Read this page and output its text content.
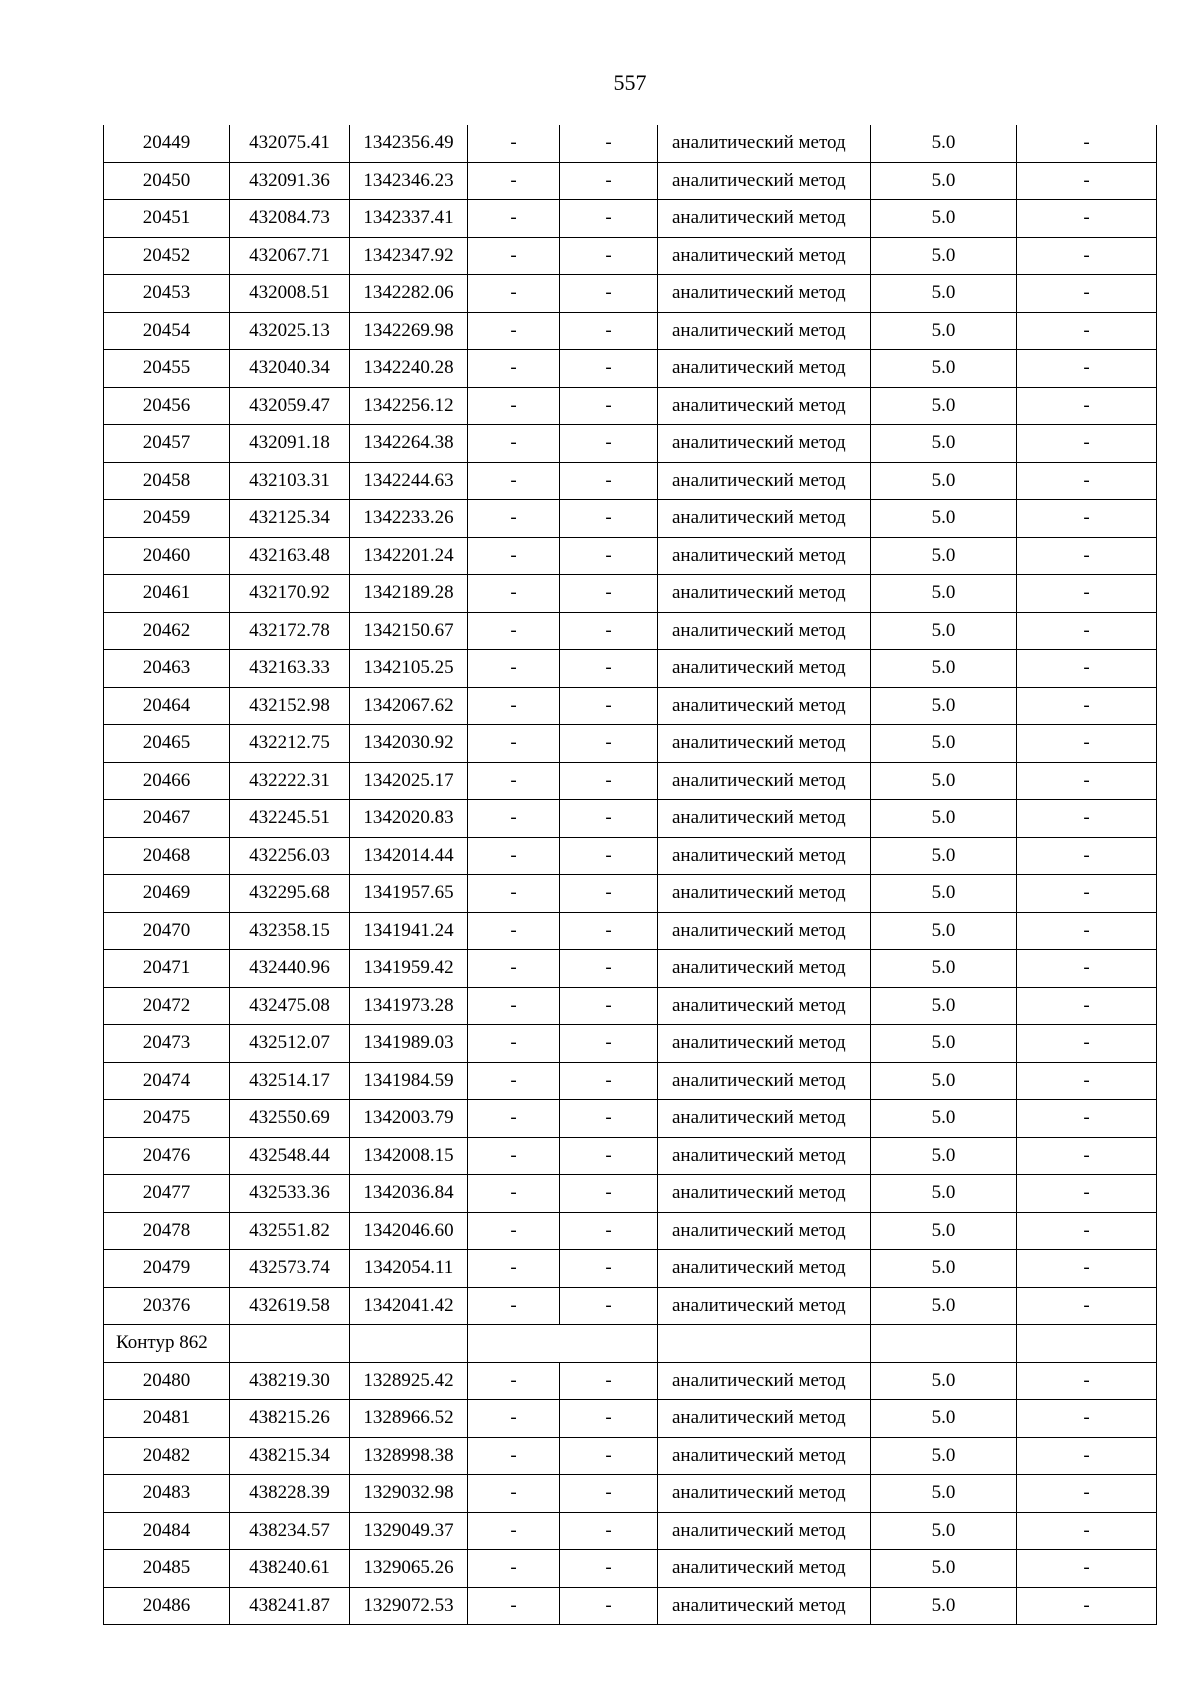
557
20449	432075.41	1342356.49	-	-	аналитический метод	5.0	-
20450	432091.36	1342346.23	-	-	аналитический метод	5.0	-
20451	432084.73	1342337.41	-	-	аналитический метод	5.0	-
20452	432067.71	1342347.92	-	-	аналитический метод	5.0	-
20453	432008.51	1342282.06	-	-	аналитический метод	5.0	-
20454	432025.13	1342269.98	-	-	аналитический метод	5.0	-
20455	432040.34	1342240.28	-	-	аналитический метод	5.0	-
20456	432059.47	1342256.12	-	-	аналитический метод	5.0	-
20457	432091.18	1342264.38	-	-	аналитический метод	5.0	-
20458	432103.31	1342244.63	-	-	аналитический метод	5.0	-
20459	432125.34	1342233.26	-	-	аналитический метод	5.0	-
20460	432163.48	1342201.24	-	-	аналитический метод	5.0	-
20461	432170.92	1342189.28	-	-	аналитический метод	5.0	-
20462	432172.78	1342150.67	-	-	аналитический метод	5.0	-
20463	432163.33	1342105.25	-	-	аналитический метод	5.0	-
20464	432152.98	1342067.62	-	-	аналитический метод	5.0	-
20465	432212.75	1342030.92	-	-	аналитический метод	5.0	-
20466	432222.31	1342025.17	-	-	аналитический метод	5.0	-
20467	432245.51	1342020.83	-	-	аналитический метод	5.0	-
20468	432256.03	1342014.44	-	-	аналитический метод	5.0	-
20469	432295.68	1341957.65	-	-	аналитический метод	5.0	-
20470	432358.15	1341941.24	-	-	аналитический метод	5.0	-
20471	432440.96	1341959.42	-	-	аналитический метод	5.0	-
20472	432475.08	1341973.28	-	-	аналитический метод	5.0	-
20473	432512.07	1341989.03	-	-	аналитический метод	5.0	-
20474	432514.17	1341984.59	-	-	аналитический метод	5.0	-
20475	432550.69	1342003.79	-	-	аналитический метод	5.0	-
20476	432548.44	1342008.15	-	-	аналитический метод	5.0	-
20477	432533.36	1342036.84	-	-	аналитический метод	5.0	-
20478	432551.82	1342046.60	-	-	аналитический метод	5.0	-
20479	432573.74	1342054.11	-	-	аналитический метод	5.0	-
20376	432619.58	1342041.42	-	-	аналитический метод	5.0	-
Контур 862							
20480	438219.30	1328925.42	-	-	аналитический метод	5.0	-
20481	438215.26	1328966.52	-	-	аналитический метод	5.0	-
20482	438215.34	1328998.38	-	-	аналитический метод	5.0	-
20483	438228.39	1329032.98	-	-	аналитический метод	5.0	-
20484	438234.57	1329049.37	-	-	аналитический метод	5.0	-
20485	438240.61	1329065.26	-	-	аналитический метод	5.0	-
20486	438241.87	1329072.53	-	-	аналитический метод	5.0	-
